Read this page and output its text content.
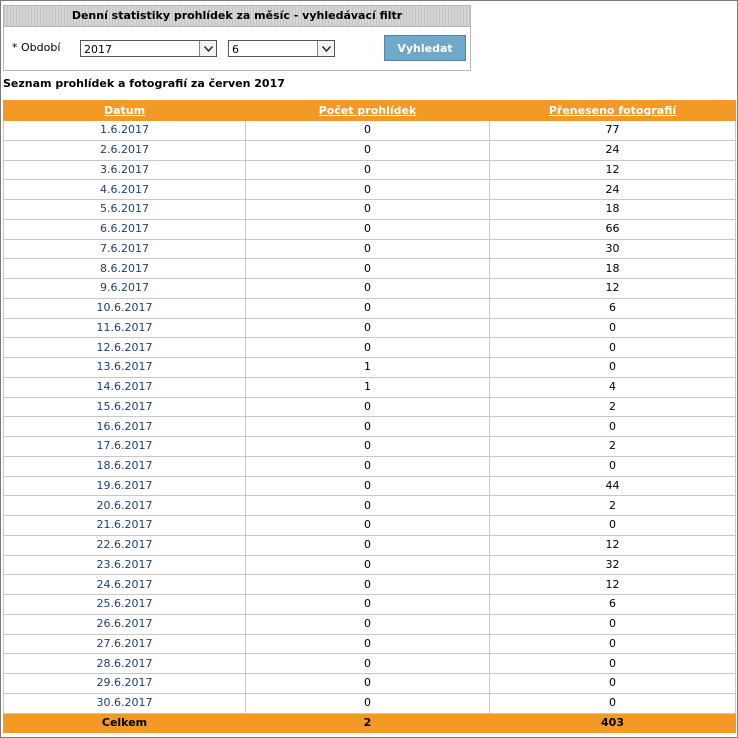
Denní statistiky prohlídek za měsíc - vyhledávací filtr
* Období 2017	6	Vyhledat
Seznam prohlídek a fotografií za červen 2017
Datum	Počet prohlídek	Přeneseno fotografií
1.6.2017	0	77
2.6.2017	0	24
3.6.2017	0	12
4.6.2017	0	24
5.6.2017	0	18
6.6.2017	0	66
7.6.2017	0	30
8.6.2017	0	18
9.6.2017	0	12
10.6.2017	0	6
11.6.2017	0	0
12.6.2017	0	0
13.6.2017	1	0
14.6.2017	1	4
15.6.2017	0	2
16.6.2017	0	0
17.6.2017	0	2
18.6.2017	0	0
19.6.2017	0	44
20.6.2017	0	2
21.6.2017	0	0
22.6.2017	0	12
23.6.2017	0	32
24.6.2017	0	12
25.6.2017	0	6
26.6.2017	0	0
27.6.2017	0	0
28.6.2017	0	0
29.6.2017	0	0
30.6.2017	0	0
Celkem	2	403
